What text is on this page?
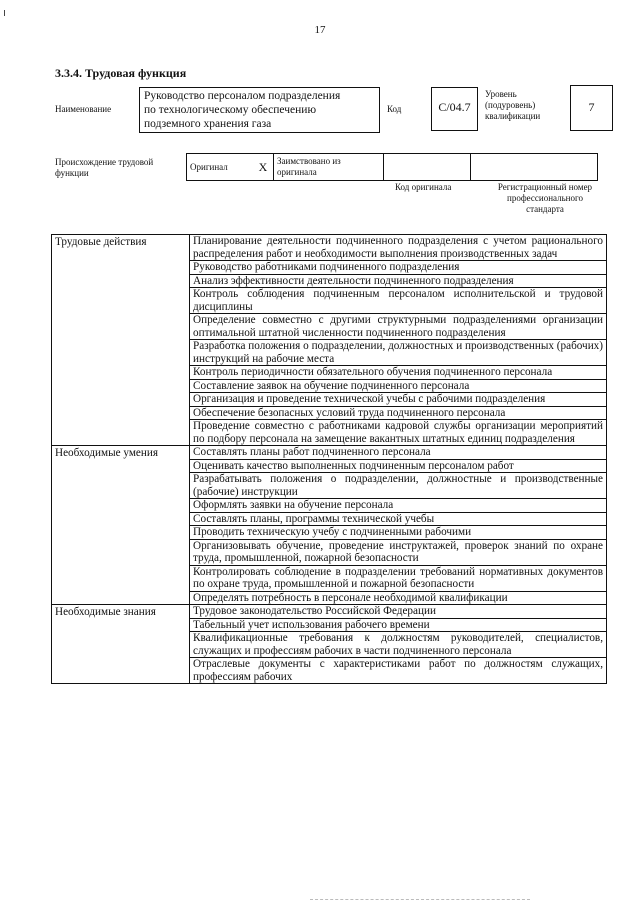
17
3.3.4. Трудовая функция
Наименование
Руководство персоналом подразделения
по технологическому обеспечению
подземного хранения газа
Код	С/04.7
Уровень
(подуровень)
квалификации
7
Происхождение трудовой
функции
Оригинал	X	Заимствовано из
оригинала

Код оригинала	Регистрационный номер
профессионального
стандарта
Трудовые действия	Планирование деятельности подчиненного подразделения с учетом рационального распределения работ и необходимости выполнения производственных задач
	Руководство работниками подчиненного подразделения
	Анализ эффективности деятельности подчиненного подразделения
	Контроль соблюдения подчиненным персоналом исполнительской и трудовой дисциплины
	Определение совместно с другими структурными подразделениями организации оптимальной штатной численности подчиненного подразделения
	Разработка положения о подразделении, должностных и производственных (рабочих) инструкций на рабочие места
	Контроль периодичности обязательного обучения подчиненного персонала
	Составление заявок на обучение подчиненного персонала
	Организация и проведение технической учебы с рабочими подразделения
	Обеспечение безопасных условий труда подчиненного персонала
	Проведение совместно с работниками кадровой службы организации мероприятий по подбору персонала на замещение вакантных штатных единиц подразделения
Необходимые умения	Составлять планы работ подчиненного персонала
	Оценивать качество выполненных подчиненным персоналом работ
	Разрабатывать положения о подразделении, должностные и производственные (рабочие) инструкции
	Оформлять заявки на обучение персонала
	Составлять планы, программы технической учебы
	Проводить техническую учебу с подчиненными рабочими
	Организовывать обучение, проведение инструктажей, проверок знаний по охране труда, промышленной, пожарной безопасности
	Контролировать соблюдение в подразделении требований нормативных документов по охране труда, промышленной и пожарной безопасности
	Определять потребность в персонале необходимой квалификации
Необходимые знания	Трудовое законодательство Российской Федерации
	Табельный учет использования рабочего времени
	Квалификационные требования к должностям руководителей, специалистов, служащих и профессиям рабочих в части подчиненного персонала
	Отраслевые документы с характеристиками работ по должностям служащих, профессиям рабочих
